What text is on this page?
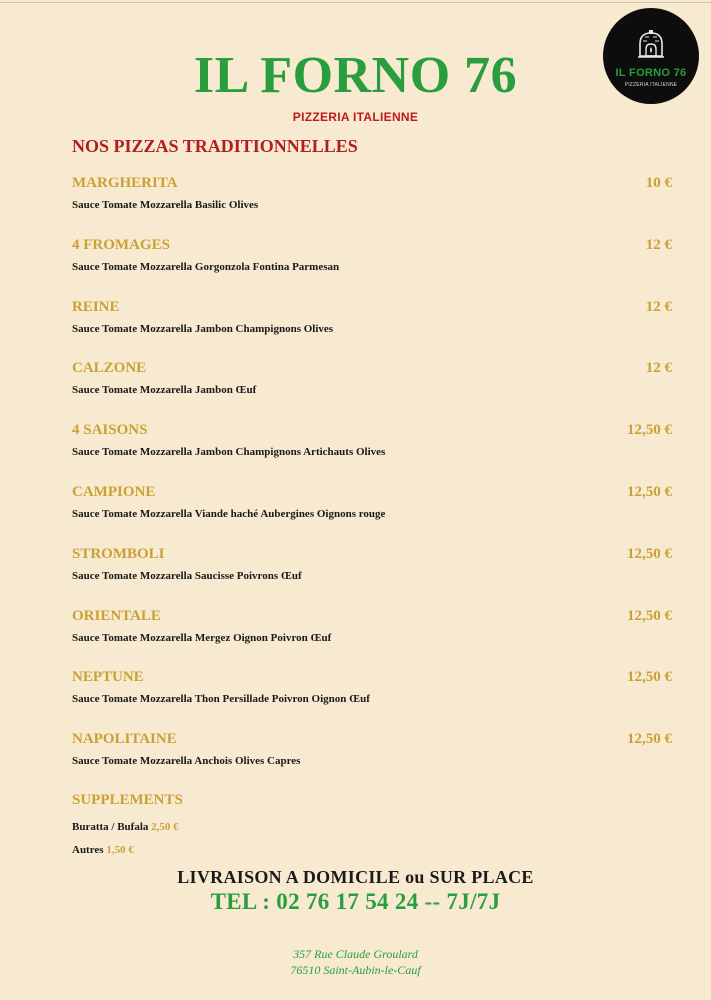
IL FORNO 76
PIZZERIA ITALIENNE
IL FORNO 76
PIZZERIA ITALIENNE
NOS PIZZAS TRADITIONNELLES
MARGHERITA	10 €
Sauce Tomate Mozzarella Basilic Olives
4 FROMAGES	12 €
Sauce Tomate Mozzarella Gorgonzola Fontina Parmesan
REINE	12 €
Sauce Tomate Mozzarella Jambon Champignons Olives
CALZONE	12 €
Sauce Tomate Mozzarella Jambon Œuf
4 SAISONS	12,50 €
Sauce Tomate Mozzarella Jambon Champignons Artichauts Olives
CAMPIONE	12,50 €
Sauce Tomate Mozzarella Viande haché Aubergines Oignons rouge
STROMBOLI	12,50 €
Sauce Tomate Mozzarella Saucisse Poivrons Œuf
ORIENTALE	12,50 €
Sauce Tomate Mozzarella Mergez Oignon Poivron Œuf
NEPTUNE	12,50 €
Sauce Tomate Mozzarella Thon Persillade Poivron Oignon Œuf
NAPOLITAINE	12,50 €
Sauce Tomate Mozzarella Anchois Olives Capres
SUPPLEMENTS
Buratta / Bufala 2,50 €
Autres 1,50 €
LIVRAISON A DOMICILE ou SUR PLACE
TEL : 02 76 17 54 24 -- 7J/7J
357 Rue Claude Groulard
76510 Saint-Aubin-le-Cauf
